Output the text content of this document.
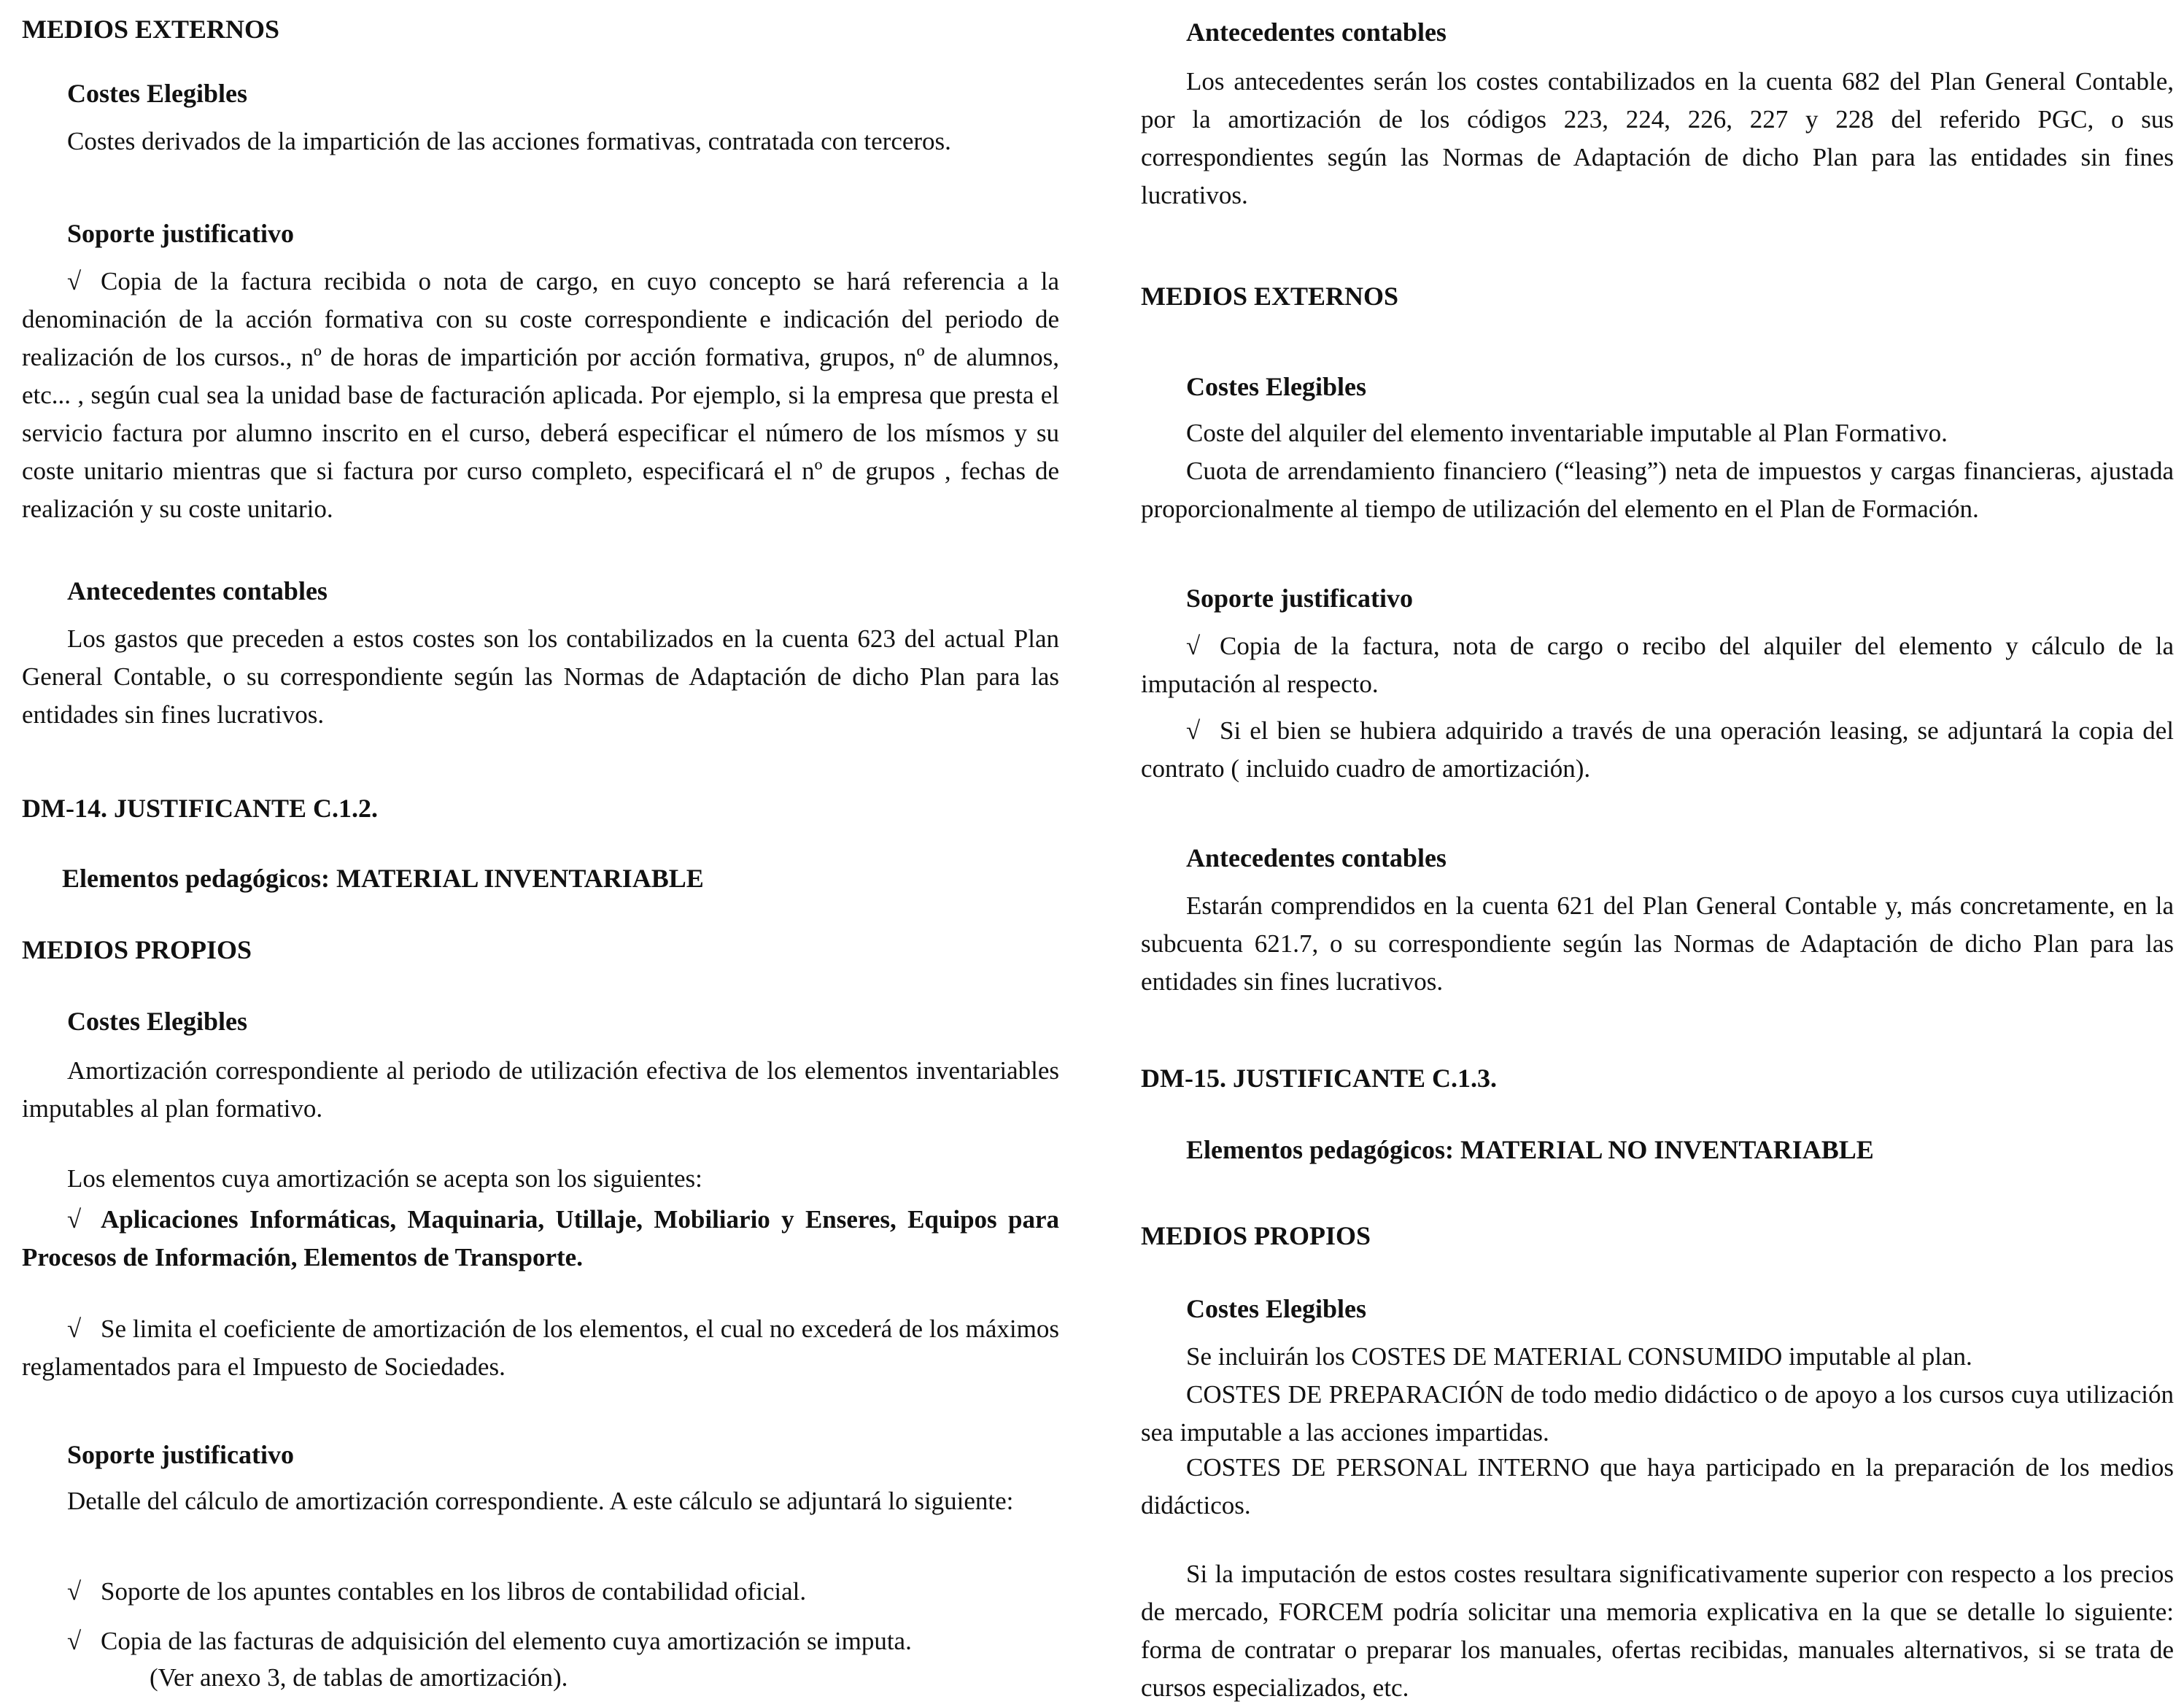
MEDIOS EXTERNOS
Costes Elegibles

Costes derivados de la impartición de las acciones formativas, contratada con terceros.

Soporte justificativo

√ Copia de la factura recibida o nota de cargo, en cuyo concepto se hará referencia a la denominación de la acción formativa con su coste correspondiente e indicación del periodo de realización de los cursos., nº de horas de impartición por acción formativa, grupos, nº de alumnos, etc... , según cual sea la unidad base de facturación aplicada. Por ejemplo, si la empresa que presta el servicio factura por alumno inscrito en el curso, deberá especificar el número de los mísmos y su coste unitario mientras que si factura por curso completo, especificará el nº de grupos , fechas de realización y su coste unitario.

Antecedentes contables

Los gastos que preceden a estos costes son los contabilizados en la cuenta 623 del actual Plan General Contable, o su correspondiente según las Normas de Adaptación de dicho Plan para las entidades sin fines lucrativos.

DM-14. JUSTIFICANTE C.1.2.
Elementos pedagógicos: MATERIAL INVENTARIABLE
MEDIOS PROPIOS
Costes Elegibles

Amortización correspondiente al periodo de utilización efectiva de los elementos inventariables imputables al plan formativo.

Los elementos cuya amortización se acepta son los siguientes:

√ Aplicaciones Informáticas, Maquinaria, Utillaje, Mobiliario y Enseres, Equipos para Procesos de Información, Elementos de Transporte.

√ Se limita el coeficiente de amortización de los elementos, el cual no excederá de los máximos reglamentados para el Impuesto de Sociedades.

Soporte justificativo

Detalle del cálculo de amortización correspondiente. A este cálculo se adjuntará lo siguiente:

√ Soporte de los apuntes contables en los libros de contabilidad oficial.

√ Copia de las facturas de adquisición del elemento cuya amortización se imputa.

(Ver anexo 3, de tablas de amortización).

Antecedentes contables

Los antecedentes serán los costes contabilizados en la cuenta 682 del Plan General Contable, por la amortización de los códigos 223, 224, 226, 227 y 228 del referido PGC, o sus correspondientes según las Normas de Adaptación de dicho Plan para las entidades sin fines lucrativos.

MEDIOS EXTERNOS
Costes Elegibles

Coste del alquiler del elemento inventariable imputable al Plan Formativo.

Cuota de arrendamiento financiero (“leasing”) neta de impuestos y cargas financieras, ajustada proporcionalmente al tiempo de utilización del elemento en el Plan de Formación.

Soporte justificativo

√ Copia de la factura, nota de cargo o recibo del alquiler del elemento y cálculo de la imputación al respecto.

√ Si el bien se hubiera adquirido a través de una operación leasing, se adjuntará la copia del contrato ( incluido cuadro de amortización).

Antecedentes contables

Estarán comprendidos en la cuenta 621 del Plan General Contable y, más concretamente, en la subcuenta 621.7, o su correspondiente según las Normas de Adaptación de dicho Plan para las entidades sin fines lucrativos.

DM-15. JUSTIFICANTE C.1.3.
Elementos pedagógicos: MATERIAL NO INVENTARIABLE
MEDIOS PROPIOS
Costes Elegibles

Se incluirán los COSTES DE MATERIAL CONSUMIDO imputable al plan.

COSTES DE PREPARACIÓN de todo medio didáctico o de apoyo a los cursos cuya utilización sea imputable a las acciones impartidas.

COSTES DE PERSONAL INTERNO que haya participado en la preparación de los medios didácticos.

Si la imputación de estos costes resultara significativamente superior con respecto a los precios de mercado, FORCEM podría solicitar una memoria explicativa en la que se detalle lo siguiente: forma de contratar o preparar los manuales, ofertas recibidas, manuales alternativos, si se trata de cursos especializados, etc.
